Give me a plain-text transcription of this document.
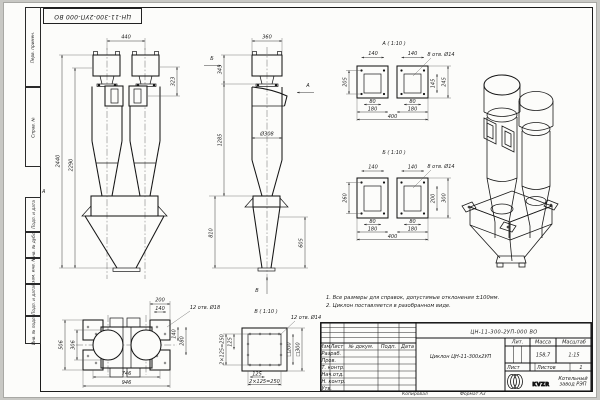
Перв. примен.
Справ. №
Подп. и дата
Инв. № дубл.
Взам. инв. №
Подп. и дата
Инв. № подл.
ЦН-11-300-2УП-000 ВО
А
440
323
2440 2290
Ø308
360
345
1285
810
605
Б
А
В
А ( 1:10 )
8 отв. Ø14
140	140
205	145 245
80	80
180	180
400
Б ( 1:10 )
8 отв. Ø14
140	140
260	200 300
80	80
180	180
400
200
140	12 отв. Ø18
140
280
506 306
746
946
В ( 1:10 )
12 отв. Ø14
125
2×125=250
125
2×125=250
□200 □300
1. Все размеры для справок, допустимые отклонения ±100мм.
2. Циклон поставляется в разобранном виде.
Изм Лист № докум. Подп. Дата
Разраб.
Пров.
Т. контр.
Нач.отд.
Н. контр.
Утв.
ЦН-11-300-2УП-000 ВО
Циклон ЦН-11-300х2УП
Лит. Масса Масштаб
158,7	1:15
Лист	Листов	1
Котельный
завод РЭП
KVZR
Копировал	Формат А3
